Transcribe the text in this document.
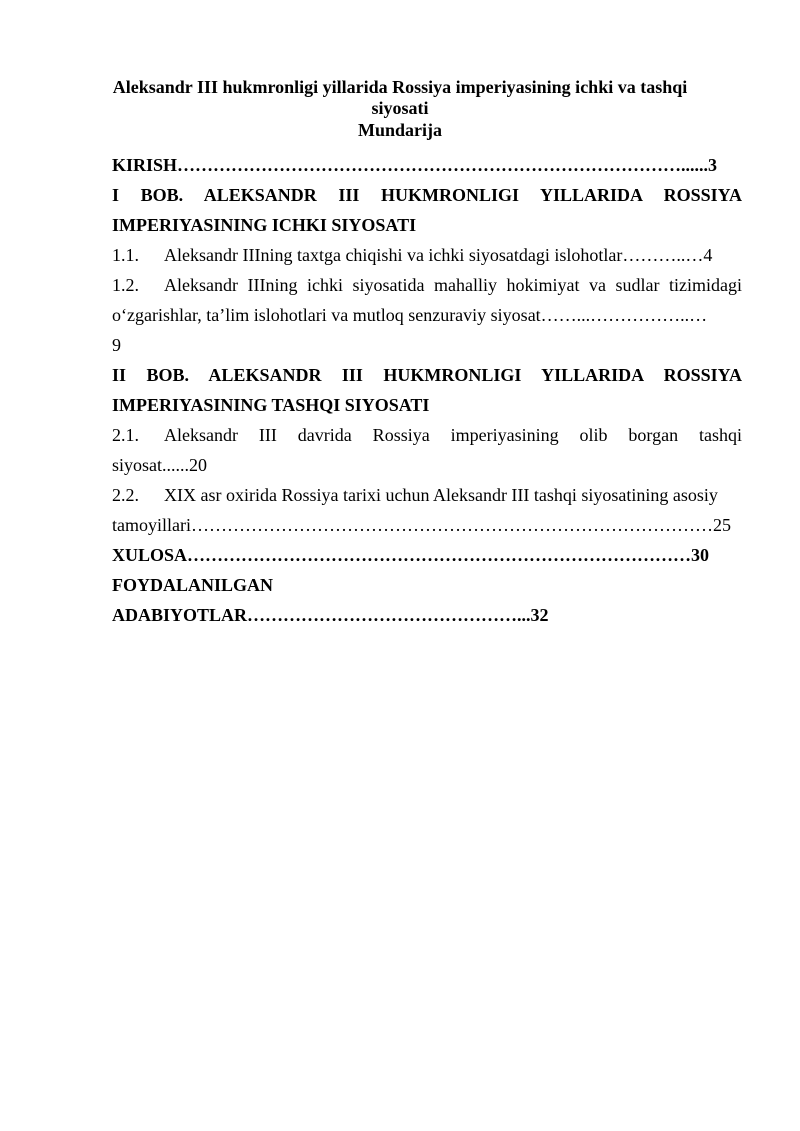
Aleksandr III hukmronligi yillarida Rossiya imperiyasining ichki va tashqi siyosati
Mundarija
KIRISH…………………………………………………………………………......3
I BOB. ALEKSANDR III HUKMRONLIGI YILLARIDA ROSSIYA
IMPERIYASINING ICHKI SIYOSATI
1.1. Aleksandr IIIning taxtga chiqishi va ichki siyosatdagi islohotlar………..…4
1.2. Aleksandr IIIning ichki siyosatida mahalliy hokimiyat va sudlar tizimidagi
o‘zgarishlar, ta’lim islohotlari va mutloq senzuraviy siyosat……...……………..…
9
II BOB. ALEKSANDR III HUKMRONLIGI YILLARIDA ROSSIYA
IMPERIYASINING TASHQI SIYOSATI
2.1. Aleksandr III davrida Rossiya imperiyasining olib borgan tashqi
siyosat......20
2.2. XIX asr oxirida Rossiya tarixi uchun Aleksandr III tashqi siyosatining asosiy
tamoyillari……………………………………………………………………………25
XULOSA…………………………………………………………………………30
FOYDALANILGAN
ADABIYOTLAR………………………………………...32
